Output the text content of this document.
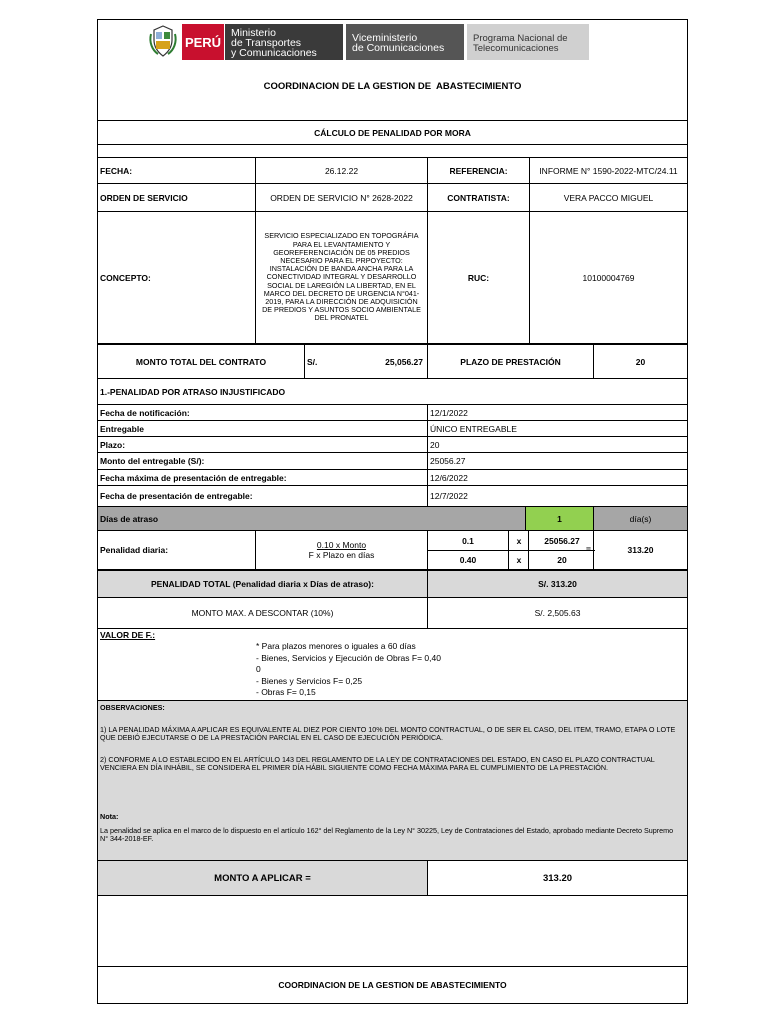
PERÚ
Ministerio
de Transportes
y Comunicaciones
Viceministerio
de Comunicaciones
Programa Nacional de
Telecomunicaciones
COORDINACION DE LA GESTION DE  ABASTECIMIENTO
CÁLCULO DE PENALIDAD POR MORA
FECHA:	26.12.22	REFERENCIA:	INFORME N° 1590-2022-MTC/24.11
ORDEN DE SERVICIO	ORDEN DE SERVICIO N° 2628-2022	CONTRATISTA:	VERA PACCO MIGUEL
CONCEPTO:
SERVICIO ESPECIALIZADO EN TOPOGRÁFIA
PARA EL LEVANTAMIENTO Y
GEOREFERENCIACIÓN DE 05 PREDIOS
NECESARIO PARA EL PRPOYECTO:
INSTALACIÓN DE BANDA ANCHA PARA LA
CONECTIVIDAD INTEGRAL Y DESARROLLO
SOCIAL DE LAREGIÓN LA LIBERTAD, EN EL
MARCO DEL DECRETO DE URGENCIA N°041-
2019, PARA LA DIRECCIÓN DE ADQUISICIÓN
DE PREDIOS Y ASUNTOS SOCIO AMBIENTALE
DEL PRONATEL
RUC:	10100004769
MONTO TOTAL DEL CONTRATO	S/.	25,056.27	PLAZO DE PRESTACIÓN	20
1.-PENALIDAD POR ATRASO INJUSTIFICADO
Fecha de notificación:	12/1/2022
Entregable	ÚNICO ENTREGABLE
Plazo:	20
Monto del entregable (S/):	25056.27
Fecha máxima de presentación de entregable:	12/6/2022
Fecha de presentación de entregable:	12/7/2022
Días de atraso	1	día(s)
Penalidad diaria:	0.10 x Monto
F x Plazo en días
0.1	x	25056.27
0.40	x	20
=	313.20
PENALIDAD TOTAL (Penalidad diaria x Días de atraso):	S/. 313.20
MONTO MAX. A DESCONTAR (10%)	S/. 2,505.63
VALOR DE F.:
* Para plazos menores o iguales a 60 días
- Bienes, Servicios y Ejecución de Obras F= 0,40
0
- Bienes y Servicios F= 0,25
- Obras F= 0,15
OBSERVACIONES:
1) LA PENALIDAD MÁXIMA A APLICAR ES EQUIVALENTE AL DIEZ POR CIENTO 10% DEL MONTO CONTRACTUAL, O DE SER EL CASO, DEL ITEM, TRAMO, ETAPA O LOTE QUE DEBIÓ EJECUTARSE O DE LA PRESTACIÓN PARCIAL EN EL CASO DE EJECUCIÓN PERIÓDICA.
2) CONFORME A LO ESTABLECIDO EN EL ARTÍCULO 143 DEL REGLAMENTO DE LA LEY DE CONTRATACIONES DEL ESTADO, EN CASO EL PLAZO CONTRACTUAL VENCIERA EN DÍA INHÁBIL, SE CONSIDERA EL PRIMER DÍA HÁBIL SIGUIENTE COMO FECHA MÁXIMA PARA EL CUMPLIMIENTO DE LA PRESTACIÓN.
Nota:
La penalidad se aplica en el marco de lo dispuesto en el artículo 162° del Reglamento de la Ley N° 30225, Ley de Contrataciones del Estado, aprobado mediante Decreto Supremo N° 344-2018-EF.
MONTO A APLICAR =	313.20
COORDINACION DE LA GESTION DE ABASTECIMIENTO
